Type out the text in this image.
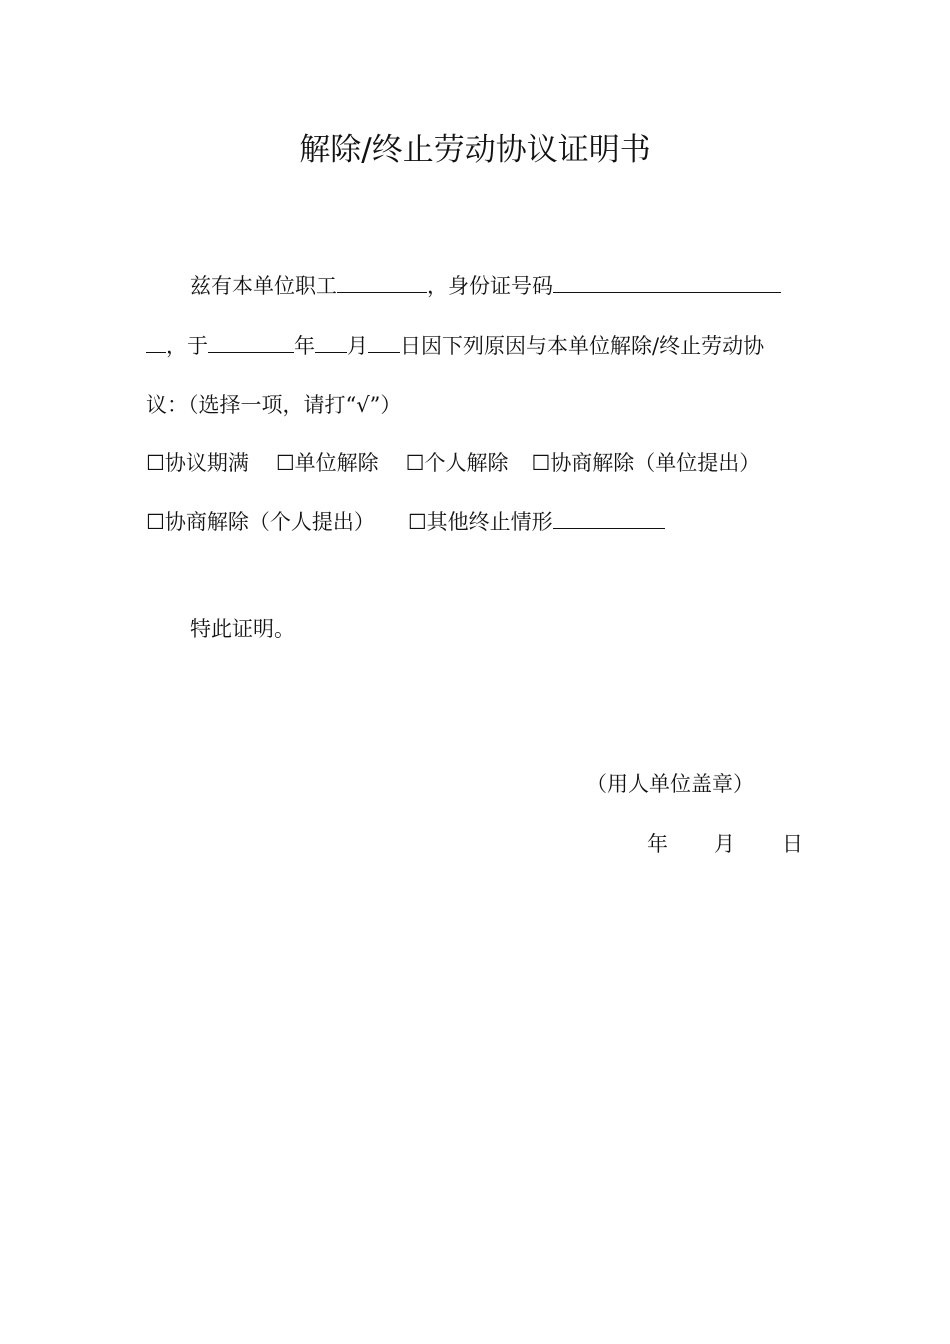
解除/终止劳动协议证明书
兹有本单位职工	，身份证号码
，于	年 月 日因下列原因与本单位解除/终止劳动协
议：（选择一项，请打“√”）
☐协议期满 ☐单位解除 ☐个人解除 ☐协商解除（单位提出）
☐协商解除（个人提出） ☐其他终止情形
特此证明。
（用人单位盖章）
年 月 日
